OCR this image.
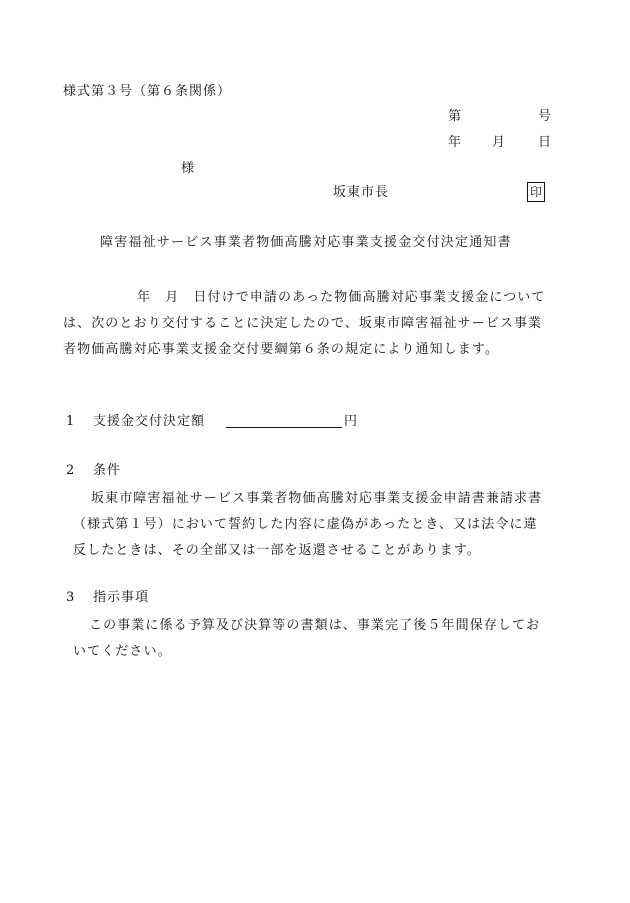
様式第３号（第６条関係）
第	号
年 月	日
様
坂東市長	印
障害福祉サービス事業者物価高騰対応事業支援金交付決定通知書
年　月　日付けで申請のあった物価高騰対応事業支援金について
は、次のとおり交付することに決定したので、坂東市障害福祉サービス事業
者物価高騰対応事業支援金交付要綱第６条の規定により通知します。
1 支援金交付決定額	円
2 条件
坂東市障害福祉サービス事業者物価高騰対応事業支援金申請書兼請求書
（様式第１号）において誓約した内容に虚偽があったとき、又は法令に違
反したときは、その全部又は一部を返還させることがあります。
3 指示事項
この事業に係る予算及び決算等の書類は、事業完了後５年間保存してお
いてください。
